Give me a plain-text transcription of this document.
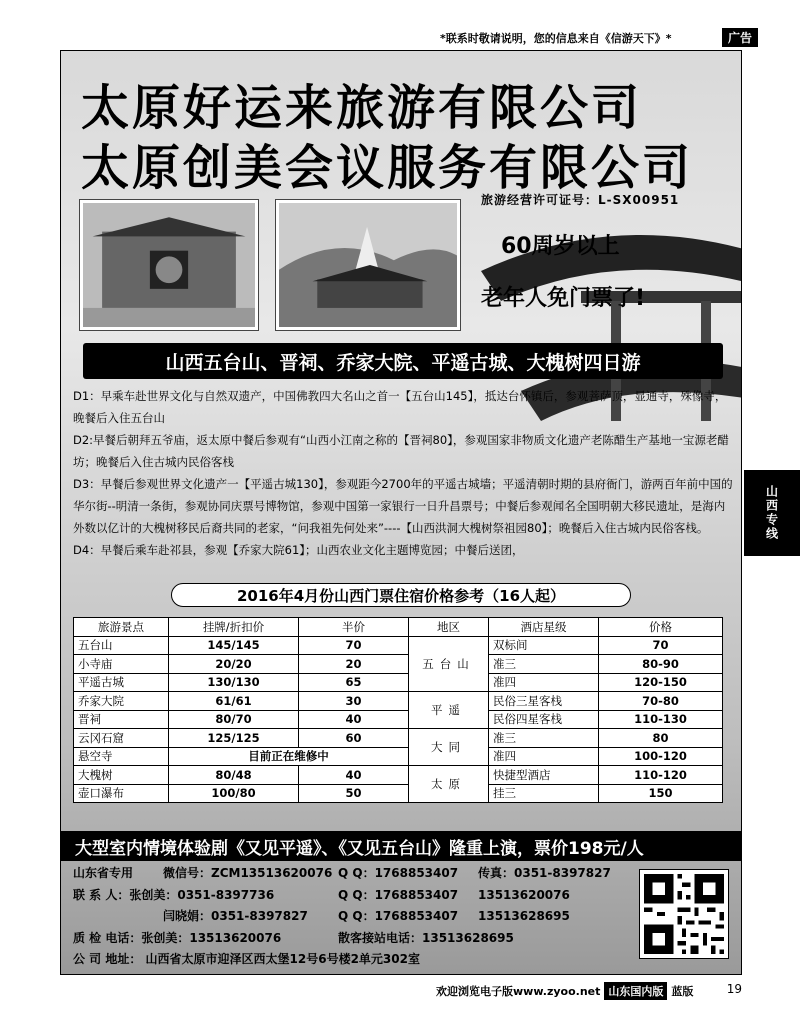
*联系时敬请说明，您的信息来自《信游天下》*	广告
太原好运来旅游有限公司
太原创美会议服务有限公司
旅游经营许可证号：L-SX00951
60周岁以上
老年人免门票了!
山西五台山、晋祠、乔家大院、平遥古城、大槐树四日游

D1：早乘车赴世界文化与自然双遗产，中国佛教四大名山之首一【五台山145】，抵达台怀镇后，参观菩萨顶，显通寺，殊像寺，晚餐后入住五台山

D2:早餐后朝拜五爷庙，返太原中餐后参观有“山西小江南之称的【晋祠80】，参观国家非物质文化遗产老陈醋生产基地一宝源老醋坊；晚餐后入住古城内民俗客栈

D3：早餐后参观世界文化遗产一【平遥古城130】，参观距今2700年的平遥古城墙；平遥清朝时期的县府衙门，游两百年前中国的华尔街--明清一条街，参观协同庆票号博物馆，参观中国第一家银行一日升昌票号；中餐后参观闻名全国明朝大移民遗址，是海内外数以亿计的大槐树移民后裔共同的老家，“问我祖先何处来”----【山西洪洞大槐树祭祖园80】；晚餐后入住古城内民俗客栈。

D4：早餐后乘车赴祁县，参观【乔家大院61】；山西农业文化主题博览园；中餐后送团，

2016年4月份山西门票住宿价格参考（16人起）
旅游景点	挂牌/折扣价	半价	地区	酒店星级	价格
五台山	145/145	70	五台山	双标间	70
小寺庙	20/20	20		准三	80-90
平遥古城	130/130	65		准四	120-150
乔家大院	61/61	30	平遥	民俗三星客栈	70-80
晋祠	80/70	40		民俗四星客栈	110-130
云冈石窟	125/125	60	大同	准三	80
悬空寺	目前正在维修中			准四	100-120
大槐树	80/48	40	太原	快捷型酒店	110-120
壶口瀑布	100/80	50		挂三	150
大型室内情境体验剧《又见平遥》、《又见五台山》隆重上演，票价198元/人
山东省专用	微信号：ZCM13513620076 Q Q：1768853407	传真：0351-8397827
联 系 人：张创美：0351-8397736	Q Q：1768853407	13513620076
闫晓娟：0351-8397827	Q Q：1768853407	13513628695
质 检 电话：张创美：13513620076	散客接站电话：13513628695
公 司 地址： 山西省太原市迎泽区西太堡12号6号楼2单元302室
山西专线
欢迎浏览电子版www.zyoo.net 山东国内版 蓝版	19
